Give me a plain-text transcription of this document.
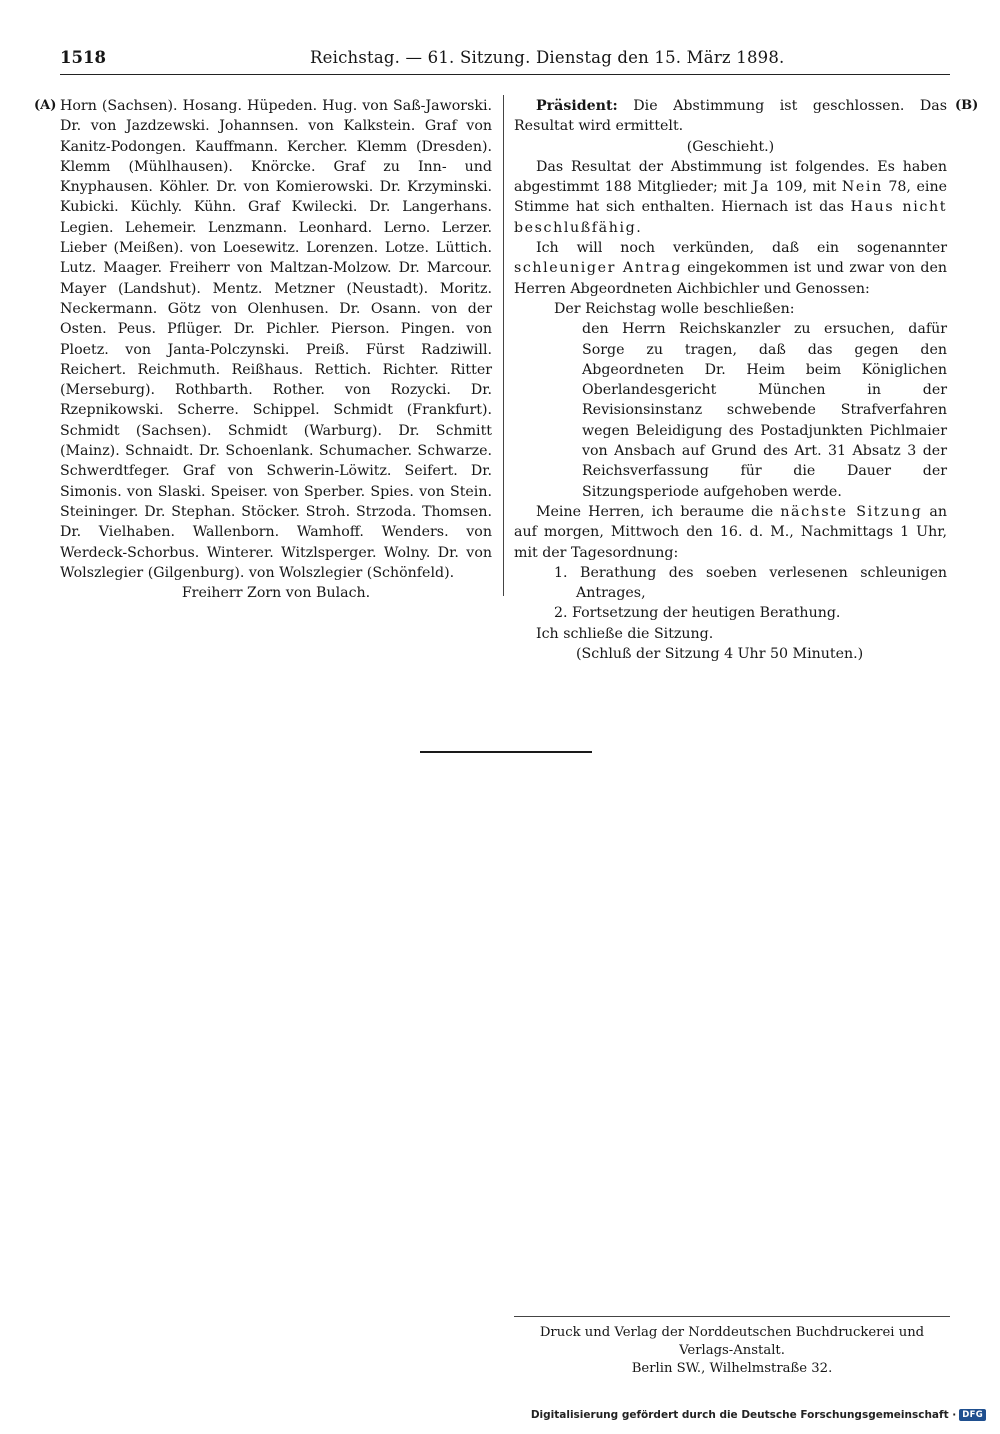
1518	Reichstag. — 61. Sitzung. Dienstag den 15. März 1898.
(A)	(B)
Horn (Sachsen). Hosang. Hüpeden. Hug. von Saß-Jaworski. Dr. von Jazdzewski. Johannsen. von Kalkstein. Graf von Kanitz-Podongen. Kauffmann. Kercher. Klemm (Dresden). Klemm (Mühlhausen). Knörcke. Graf zu Inn- und Knyphausen. Köhler. Dr. von Komierowski. Dr. Krzyminski. Kubicki. Küchly. Kühn. Graf Kwilecki. Dr. Langerhans. Legien. Lehemeir. Lenzmann. Leonhard. Lerno. Lerzer. Lieber (Meißen). von Loesewitz. Lorenzen. Lotze. Lüttich. Lutz. Maager. Freiherr von Maltzan-Molzow. Dr. Marcour. Mayer (Landshut). Mentz. Metzner (Neustadt). Moritz. Neckermann. Götz von Olenhusen. Dr. Osann. von der Osten. Peus. Pflüger. Dr. Pichler. Pierson. Pingen. von Ploetz. von Janta-Polczynski. Preiß. Fürst Radziwill. Reichert. Reichmuth. Reißhaus. Rettich. Richter. Ritter (Merseburg). Rothbarth. Rother. von Rozycki. Dr. Rzepnikowski. Scherre. Schippel. Schmidt (Frankfurt). Schmidt (Sachsen). Schmidt (Warburg). Dr. Schmitt (Mainz). Schnaidt. Dr. Schoenlank. Schumacher. Schwarze. Schwerdtfeger. Graf von Schwerin-Löwitz. Seifert. Dr. Simonis. von Slaski. Speiser. von Sperber. Spies. von Stein. Steininger. Dr. Stephan. Stöcker. Stroh. Strzoda. Thomsen. Dr. Vielhaben. Wallenborn. Wamhoff. Wenders. von Werdeck-Schorbus. Winterer. Witzlsperger. Wolny. Dr. von Wolszlegier (Gilgenburg). von Wolszlegier (Schönfeld).
Freiherr Zorn von Bulach.

Präsident: Die Abstimmung ist geschlossen. Das Resultat wird ermittelt.

(Geschieht.)

Das Resultat der Abstimmung ist folgendes. Es haben abgestimmt 188 Mitglieder; mit Ja 109, mit Nein 78, eine Stimme hat sich enthalten. Hiernach ist das Haus nicht beschlußfähig.

Ich will noch verkünden, daß ein sogenannter schleuniger Antrag eingekommen ist und zwar von den Herren Abgeordneten Aichbichler und Genossen:

Der Reichstag wolle beschließen:

den Herrn Reichskanzler zu ersuchen, dafür Sorge zu tragen, daß das gegen den Abgeordneten Dr. Heim beim Königlichen Oberlandesgericht München in der Revisionsinstanz schwebende Strafverfahren wegen Beleidigung des Postadjunkten Pichlmaier von Ansbach auf Grund des Art. 31 Absatz 3 der Reichsverfassung für die Dauer der Sitzungsperiode aufgehoben werde.

Meine Herren, ich beraume die nächste Sitzung an auf morgen, Mittwoch den 16. d. M., Nachmittags 1 Uhr, mit der Tagesordnung:

1. Berathung des soeben verlesenen schleunigen Antrages,

2. Fortsetzung der heutigen Berathung.

Ich schließe die Sitzung.

(Schluß der Sitzung 4 Uhr 50 Minuten.)

Druck und Verlag der Norddeutschen Buchdruckerei und Verlags-Anstalt.
Berlin SW., Wilhelmstraße 32.
Digitalisierung gefördert durch die Deutsche Forschungsgemeinschaft · DFG
